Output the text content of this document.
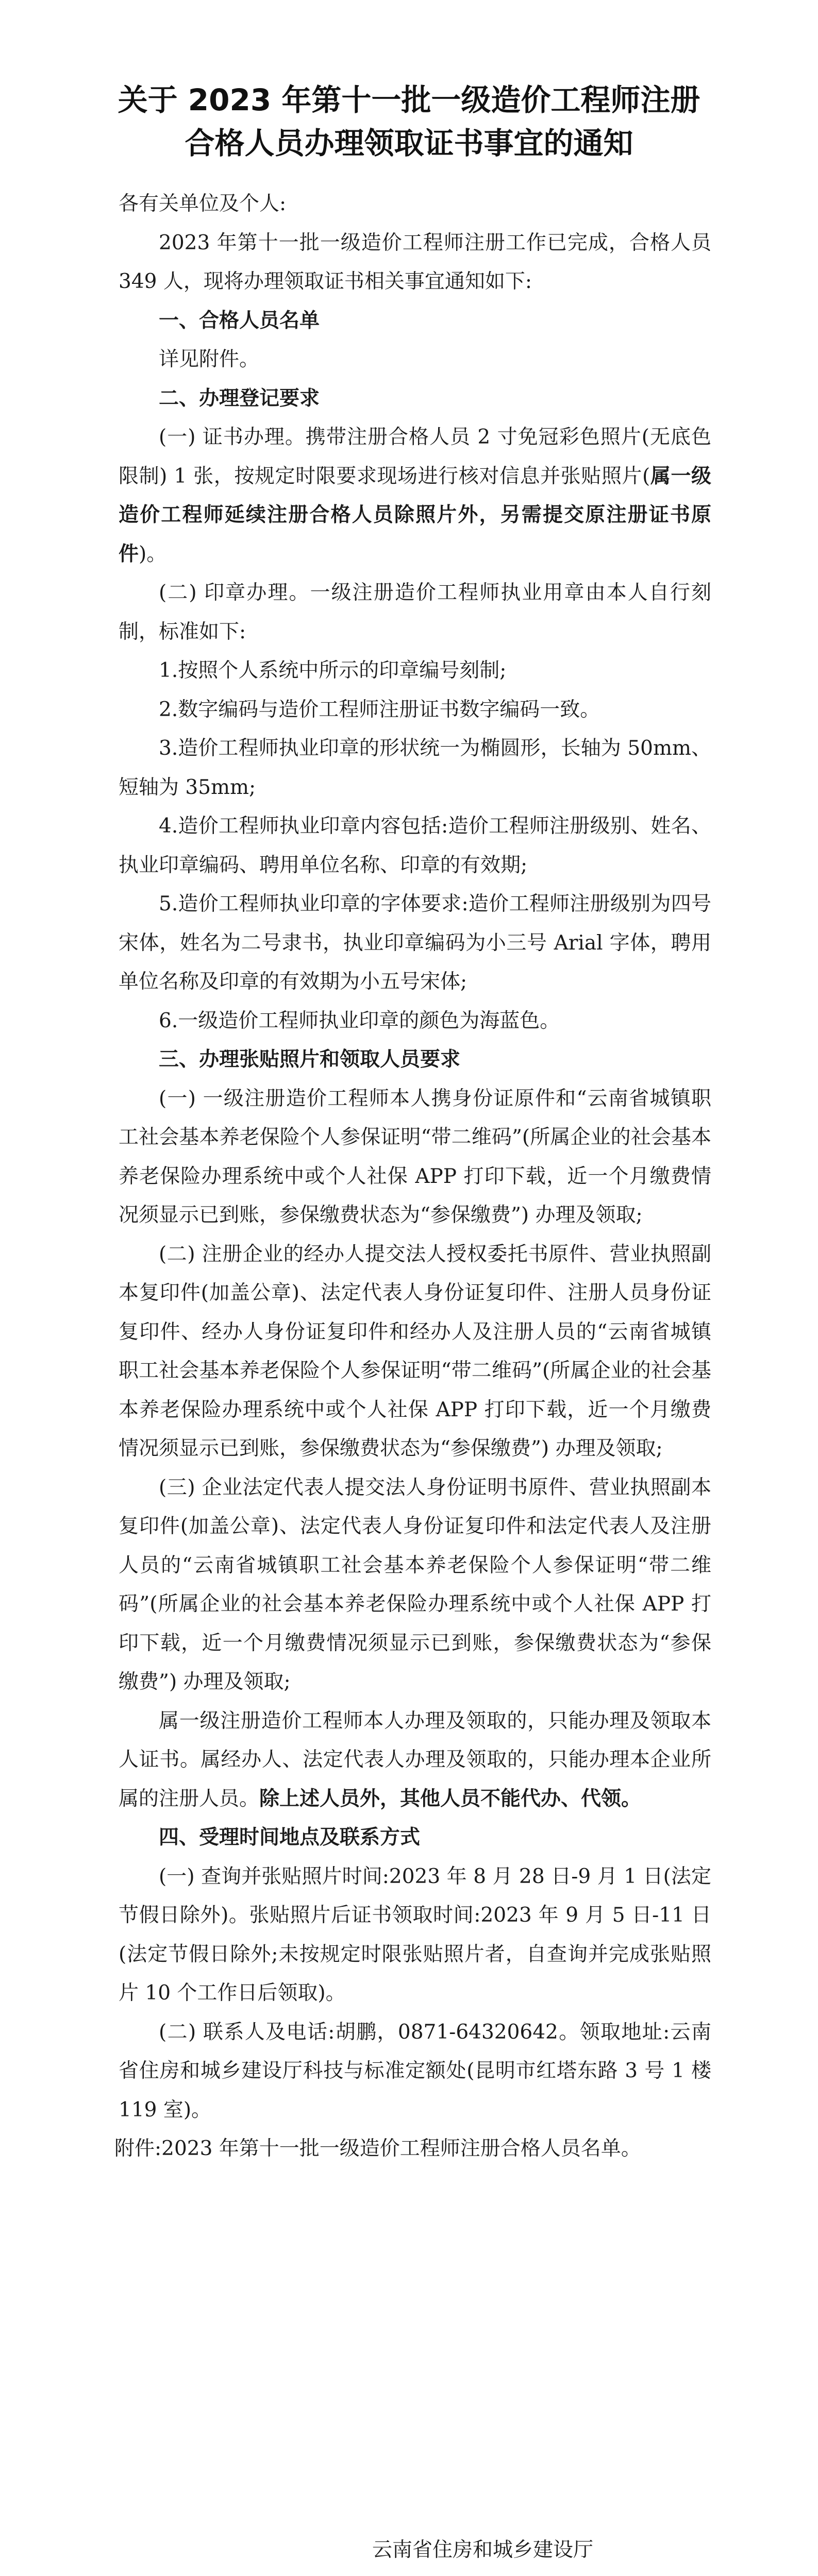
关于 2023 年第十一批一级造价工程师注册
合格人员办理领取证书事宜的通知

各有关单位及个人:

2023 年第十一批一级造价工程师注册工作已完成，合格人员 349 人，现将办理领取证书相关事宜通知如下:

一、合格人员名单

详见附件。

二、办理登记要求

(一) 证书办理。携带注册合格人员 2 寸免冠彩色照片(无底色限制) 1 张，按规定时限要求现场进行核对信息并张贴照片(属一级造价工程师延续注册合格人员除照片外，另需提交原注册证书原件)。

(二) 印章办理。一级注册造价工程师执业用章由本人自行刻制，标准如下:

1.按照个人系统中所示的印章编号刻制;

2.数字编码与造价工程师注册证书数字编码一致。

3.造价工程师执业印章的形状统一为椭圆形，长轴为 50mm、短轴为 35mm;

4.造价工程师执业印章内容包括:造价工程师注册级别、姓名、执业印章编码、聘用单位名称、印章的有效期;

5.造价工程师执业印章的字体要求:造价工程师注册级别为四号宋体，姓名为二号隶书，执业印章编码为小三号 Arial 字体，聘用单位名称及印章的有效期为小五号宋体;

6.一级造价工程师执业印章的颜色为海蓝色。

三、办理张贴照片和领取人员要求

(一) 一级注册造价工程师本人携身份证原件和“云南省城镇职工社会基本养老保险个人参保证明“带二维码”(所属企业的社会基本养老保险办理系统中或个人社保 APP 打印下载，近一个月缴费情况须显示已到账，参保缴费状态为“参保缴费”) 办理及领取;

(二) 注册企业的经办人提交法人授权委托书原件、营业执照副本复印件(加盖公章)、法定代表人身份证复印件、注册人员身份证复印件、经办人身份证复印件和经办人及注册人员的“云南省城镇职工社会基本养老保险个人参保证明“带二维码”(所属企业的社会基本养老保险办理系统中或个人社保 APP 打印下载，近一个月缴费情况须显示已到账，参保缴费状态为“参保缴费”) 办理及领取;

(三) 企业法定代表人提交法人身份证明书原件、营业执照副本复印件(加盖公章)、法定代表人身份证复印件和法定代表人及注册人员的“云南省城镇职工社会基本养老保险个人参保证明“带二维码”(所属企业的社会基本养老保险办理系统中或个人社保 APP 打印下载，近一个月缴费情况须显示已到账，参保缴费状态为“参保缴费”) 办理及领取;

属一级注册造价工程师本人办理及领取的，只能办理及领取本人证书。属经办人、法定代表人办理及领取的，只能办理本企业所属的注册人员。除上述人员外，其他人员不能代办、代领。

四、受理时间地点及联系方式

(一) 查询并张贴照片时间:2023 年 8 月 28 日-9 月 1 日(法定节假日除外)。张贴照片后证书领取时间:2023 年 9 月 5 日-11 日(法定节假日除外;未按规定时限张贴照片者，自查询并完成张贴照片 10 个工作日后领取)。

(二) 联系人及电话:胡鹏，0871-64320642。领取地址:云南省住房和城乡建设厅科技与标准定额处(昆明市红塔东路 3 号 1 楼 119 室)。

附件:2023 年第十一批一级造价工程师注册合格人员名单。

云南省住房和城乡建设厅
